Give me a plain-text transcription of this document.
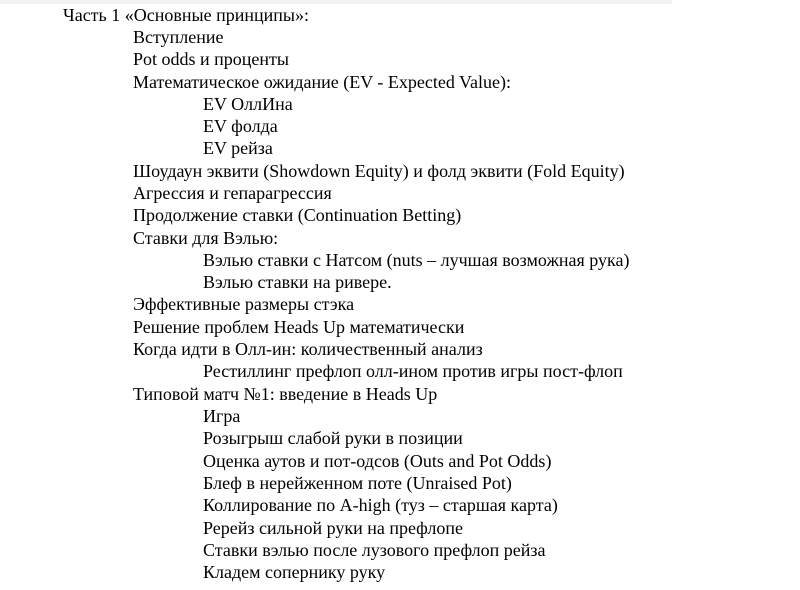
Часть 1 «Основные принципы»:
Вступление
Pot odds и проценты
Математическое ожидание (EV - Expected Value):
EV ОллИна
EV фолда
EV рейза
Шоудаун эквити (Showdown Equity) и фолд эквити (Fold Equity)
Агрессия и гепарагрессия
Продолжение ставки (Continuation Betting)
Ставки для Вэлью:
Вэлью ставки с Натсом (nuts – лучшая возможная рука)
Вэлью ставки на ривере.
Эффективные размеры стэка
Решение проблем Heads Up математически
Когда идти в Олл-ин: количественный анализ
Рестиллинг префлоп олл-ином против игры пост-флоп
Типовой матч №1: введение в Heads Up
Игра
Розыгрыш слабой руки в позиции
Оценка аутов и пот-одсов (Outs and Pot Odds)
Блеф в нерейженном поте (Unraised Pot)
Коллирование по A-high (туз – старшая карта)
Ререйз сильной руки на префлопе
Ставки вэлью после лузового префлоп рейза
Кладем сопернику руку
